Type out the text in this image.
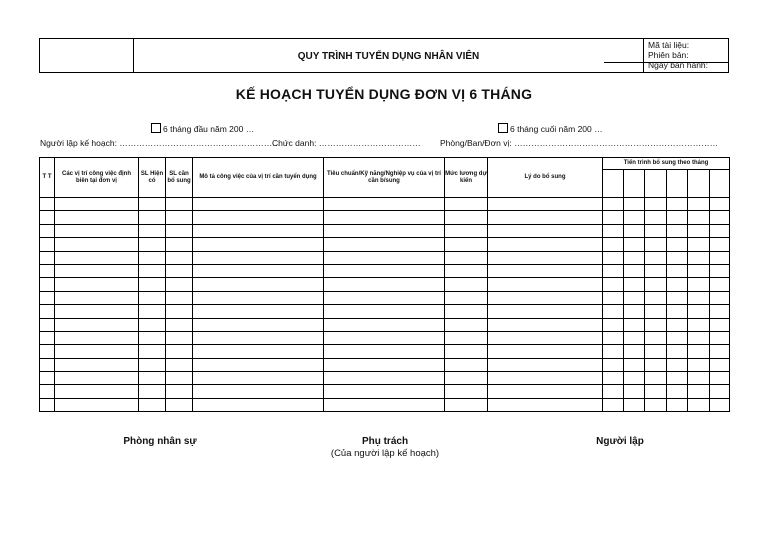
QUY TRÌNH TUYỂN DỤNG NHÂN VIÊN
Mã tài liệu:
Phiên bản:
Ngày ban hành:
KẾ HOẠCH TUYỂN DỤNG ĐƠN VỊ 6 THÁNG
6 tháng đầu năm 200 …	6 tháng cuối năm 200 …
Người lập kế hoạch: …………………………………………………
Chức danh: ……………………………… Phòng/Ban/Đơn vị: ………………………………………………………………
T T	Các vị trí công việc định biên tại đơn vị	SL Hiện có	SL cần bổ sung	Mô tả công việc của vị trí cần tuyển dụng	Tiêu chuẩn/Kỹ năng/Nghiệp vụ của vị trí cần b/sung	Mức lương dự kiến	Lý do bổ sung	Tiến trình bổ sung theo tháng					

Phòng nhân sự	Phụ trách
(Của người lập kế hoạch)
Người lập
